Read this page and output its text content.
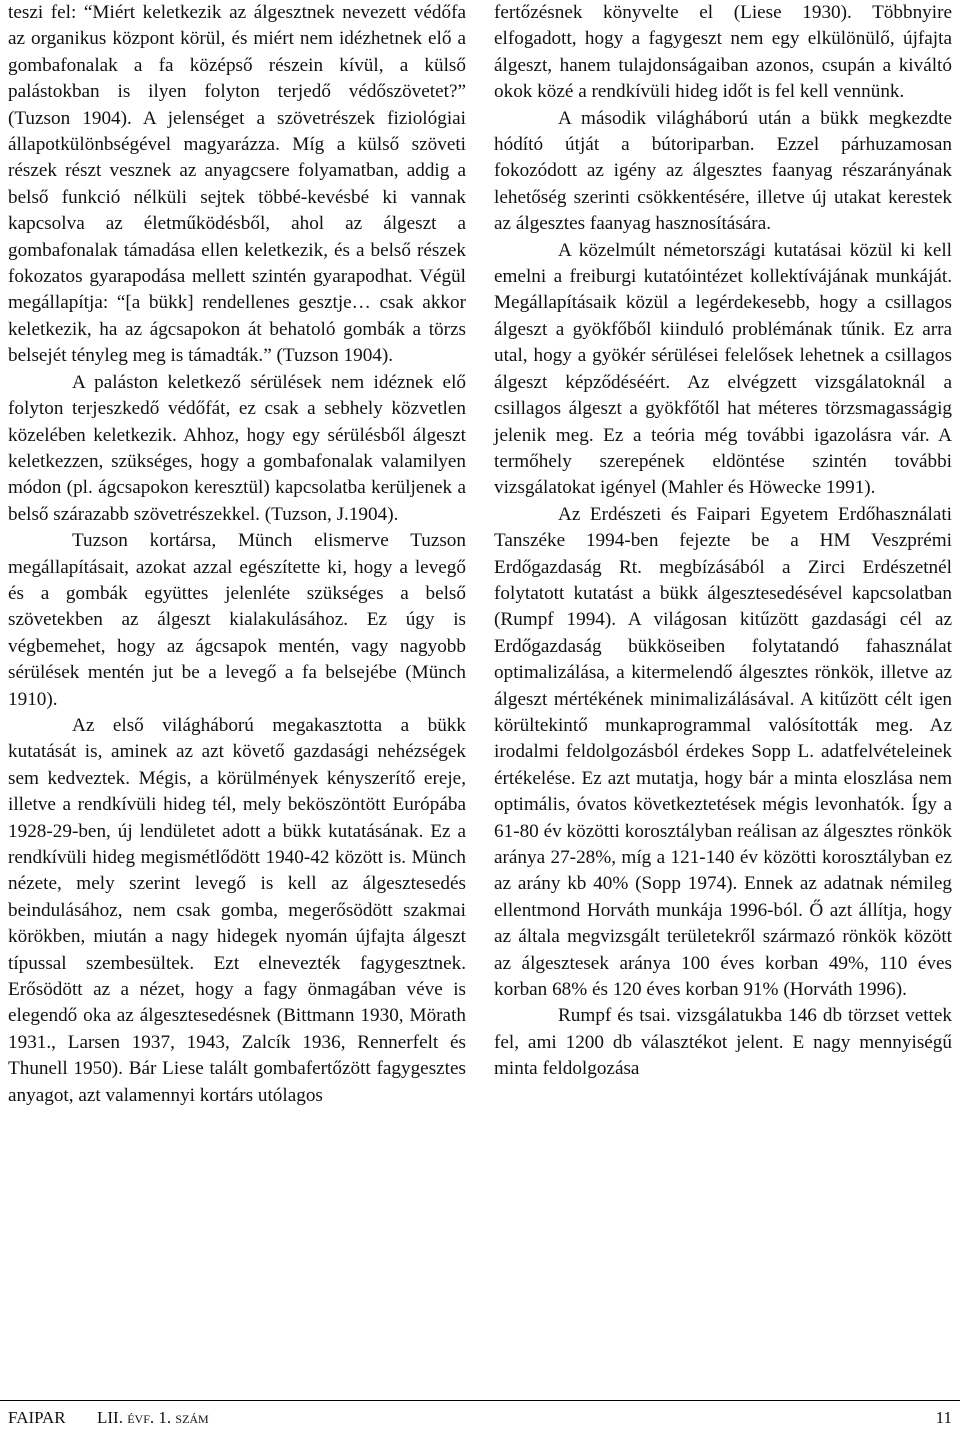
teszi fel: “Miért keletkezik az álgesztnek nevezett védőfa az organikus központ körül, és miért nem idézhetnek elő a gombafonalak a fa középső részein kívül, a külső palástokban is ilyen folyton terjedő védőszövetet?” (Tuzson 1904). A jelenséget a szövetrészek fiziológiai állapotkülönbségével magyarázza. Míg a külső szöveti részek részt vesznek az anyagcsere folyamatban, addig a belső funkció nélküli sejtek többé-kevésbé ki vannak kapcsolva az életműködésből, ahol az álgeszt a gombafonalak támadása ellen keletkezik, és a belső részek fokozatos gyarapodása mellett szintén gyarapodhat. Végül megállapítja: “[a bükk] rendellenes gesztje… csak akkor keletkezik, ha az ágcsapokon át behatoló gombák a törzs belsejét tényleg meg is támadták.” (Tuzson 1904).

A paláston keletkező sérülések nem idéznek elő folyton terjeszkedő védőfát, ez csak a sebhely közvetlen közelében keletkezik. Ahhoz, hogy egy sérülésből álgeszt keletkezzen, szükséges, hogy a gombafonalak valamilyen módon (pl. ágcsapokon keresztül) kapcsolatba kerüljenek a belső szárazabb szövetrészekkel. (Tuzson, J.1904).

Tuzson kortársa, Münch elismerve Tuzson megállapításait, azokat azzal egészítette ki, hogy a levegő és a gombák együttes jelenléte szükséges a belső szövetekben az álgeszt kialakulásához. Ez úgy is végbemehet, hogy az ágcsapok mentén, vagy nagyobb sérülések mentén jut be a levegő a fa belsejébe (Münch 1910).

Az első világháború megakasztotta a bükk kutatását is, aminek az azt követő gazdasági nehézségek sem kedveztek. Mégis, a körülmények kényszerítő ereje, illetve a rendkívüli hideg tél, mely beköszöntött Európába 1928-29-ben, új lendületet adott a bükk kutatásának. Ez a rendkívüli hideg megismétlődött 1940-42 között is. Münch nézete, mely szerint levegő is kell az álgesztesedés beindulásához, nem csak gomba, megerősödött szakmai körökben, miután a nagy hidegek nyomán újfajta álgeszt típussal szembesültek. Ezt elnevezték fagygesztnek. Erősödött az a nézet, hogy a fagy önmagában véve is elegendő oka az álgesztesedésnek (Bittmann 1930, Mörath 1931., Larsen 1937, 1943, Zalcík 1936, Rennerfelt és Thunell 1950). Bár Liese talált gombafertőzött fagygesztes anyagot, azt valamennyi kortárs utólagos

fertőzésnek könyvelte el (Liese 1930). Többnyire elfogadott, hogy a fagygeszt nem egy elkülönülő, újfajta álgeszt, hanem tulajdonságaiban azonos, csupán a kiváltó okok közé a rendkívüli hideg időt is fel kell vennünk.

A második világháború után a bükk megkezdte hódító útját a bútoriparban. Ezzel párhuzamosan fokozódott az igény az álgesztes faanyag részarányának lehetőség szerinti csökkentésére, illetve új utakat kerestek az álgesztes faanyag hasznosítására.

A közelmúlt németországi kutatásai közül ki kell emelni a freiburgi kutatóintézet kollektívájának munkáját. Megállapításaik közül a legérdekesebb, hogy a csillagos álgeszt a gyökfőből kiinduló problémának tűnik. Ez arra utal, hogy a gyökér sérülései felelősek lehetnek a csillagos álgeszt képződéséért. Az elvégzett vizsgálatoknál a csillagos álgeszt a gyökfőtől hat méteres törzsmagasságig jelenik meg. Ez a teória még további igazolásra vár. A termőhely szerepének eldöntése szintén további vizsgálatokat igényel (Mahler és Höwecke 1991).

Az Erdészeti és Faipari Egyetem Erdőhasználati Tanszéke 1994-ben fejezte be a HM Veszprémi Erdőgazdaság Rt. megbízásából a Zirci Erdészetnél folytatott kutatást a bükk álgesztesedésével kapcsolatban (Rumpf 1994). A világosan kitűzött gazdasági cél az Erdőgazdaság bükköseiben folytatandó fahasználat optimalizálása, a kitermelendő álgesztes rönkök, illetve az álgeszt mértékének minimalizálásával. A kitűzött célt igen körültekintő munkaprogrammal valósították meg. Az irodalmi feldolgozásból érdekes Sopp L. adatfelvételeinek értékelése. Ez azt mutatja, hogy bár a minta eloszlása nem optimális, óvatos következtetések mégis levonhatók. Így a 61-80 év közötti korosztályban reálisan az álgesztes rönkök aránya 27-28%, míg a 121-140 év közötti korosztályban ez az arány kb 40% (Sopp 1974). Ennek az adatnak némileg ellentmond Horváth munkája 1996-ból. Ő azt állítja, hogy az általa megvizsgált területekről származó rönkök között az álgesztesek aránya 100 éves korban 49%, 110 éves korban 68% és 120 éves korban 91% (Horváth 1996).

Rumpf és tsai. vizsgálatukba 146 db törzset vettek fel, ami 1200 db választékot jelent. E nagy mennyiségű minta feldolgozása

FAIPAR LII. évf. 1. szám	11
